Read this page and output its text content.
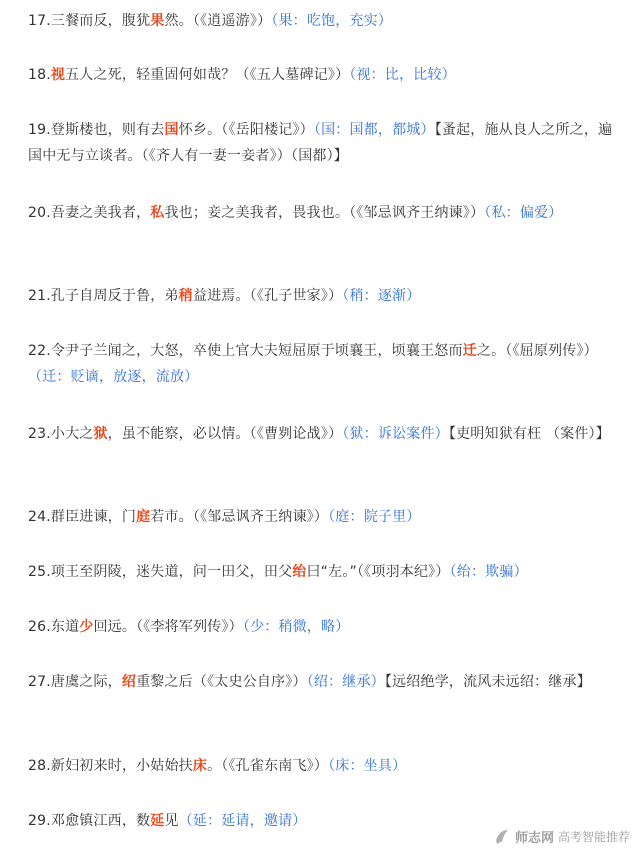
17.三餐而反，腹犹果然。（《逍遥游》）（果：吃饱，充实）
18.视五人之死，轻重固何如哉？（《五人墓碑记》）（视：比，比较）
19.登斯楼也，则有去国怀乡。（《岳阳楼记》）（国：国都，都城）【蚤起，施从良人之所之，遍国中无与立谈者。（《齐人有一妻一妾者》）（国都）】
20.吾妻之美我者，私我也；妾之美我者，畏我也。（《邹忌讽齐王纳谏》）（私：偏爱）
21.孔子自周反于鲁，弟稍益进焉。（《孔子世家》）（稍：逐渐）
22.令尹子兰闻之，大怒，卒使上官大夫短屈原于顷襄王，顷襄王怒而迁之。（《屈原列传》）（迁：贬谪，放逐，流放）
23.小大之狱，虽不能察，必以情。（《曹刿论战》）（狱：诉讼案件）【吏明知狱有枉 （案件）】
24.群臣进谏，门庭若市。（《邹忌讽齐王纳谏》）（庭：院子里）
25.项王至阴陵，迷失道，问一田父，田父绐曰“左。”（《项羽本纪》）（绐：欺骗）
26.东道少回远。（《李将军列传》）（少：稍微，略）
27.唐虞之际，绍重黎之后（《太史公自序》）（绍：继承）【远绍绝学，流风未远绍：继承】
28.新妇初来时，小姑始扶床。（《孔雀东南飞》）（床：坐具）
29.邓愈镇江西，数延见（延：延请，邀请）
师志网 高考智能推荐
